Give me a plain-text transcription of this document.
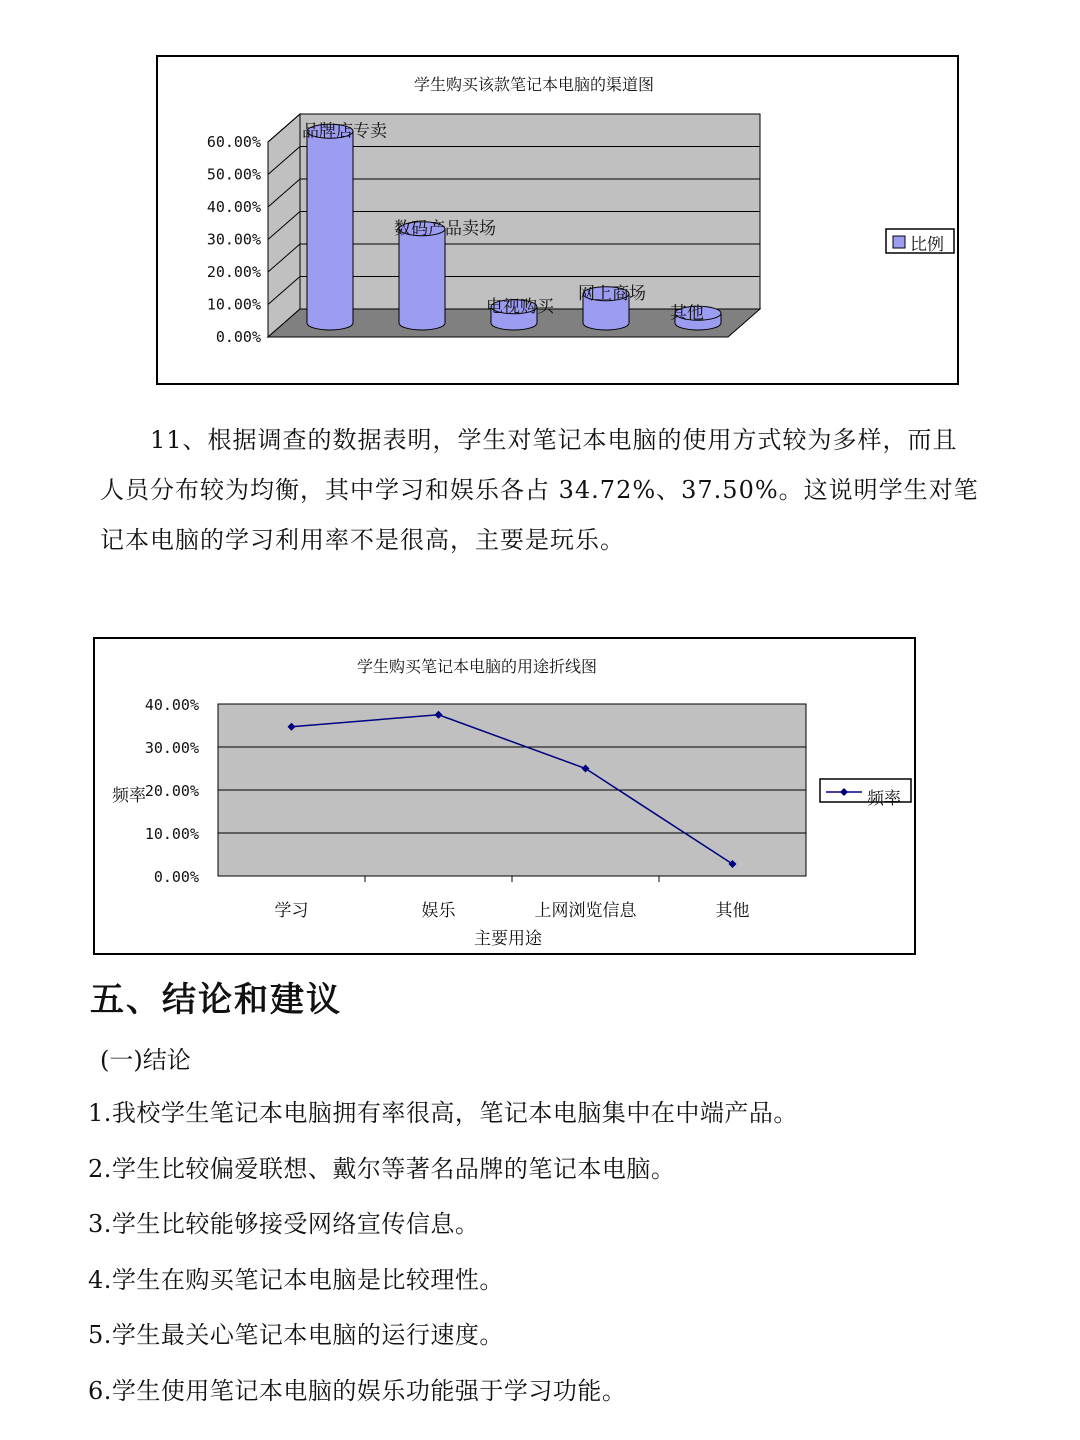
学生购买该款笔记本电脑的渠道图
60.00%
50.00%
40.00%
30.00%
20.00%
10.00%
0.00%
品牌店专卖
数码产品卖场
电视购买
网上商场
其他
比例

11、根据调查的数据表明，学生对笔记本电脑的使用方式较为多样，而且人员分布较为均衡，其中学习和娱乐各占 34.72%、37.50%。这说明学生对笔记本电脑的学习利用率不是很高，主要是玩乐。

学生购买笔记本电脑的用途折线图
40.00%
30.00%
20.00%
10.00%
0.00%
学习	娱乐	上网浏览信息	其他
主要用途
频率	频率
五、结论和建议

(一)结论

1.我校学生笔记本电脑拥有率很高，笔记本电脑集中在中端产品。
2.学生比较偏爱联想、戴尔等著名品牌的笔记本电脑。
3.学生比较能够接受网络宣传信息。
4.学生在购买笔记本电脑是比较理性。
5.学生最关心笔记本电脑的运行速度。
6.学生使用笔记本电脑的娱乐功能强于学习功能。
